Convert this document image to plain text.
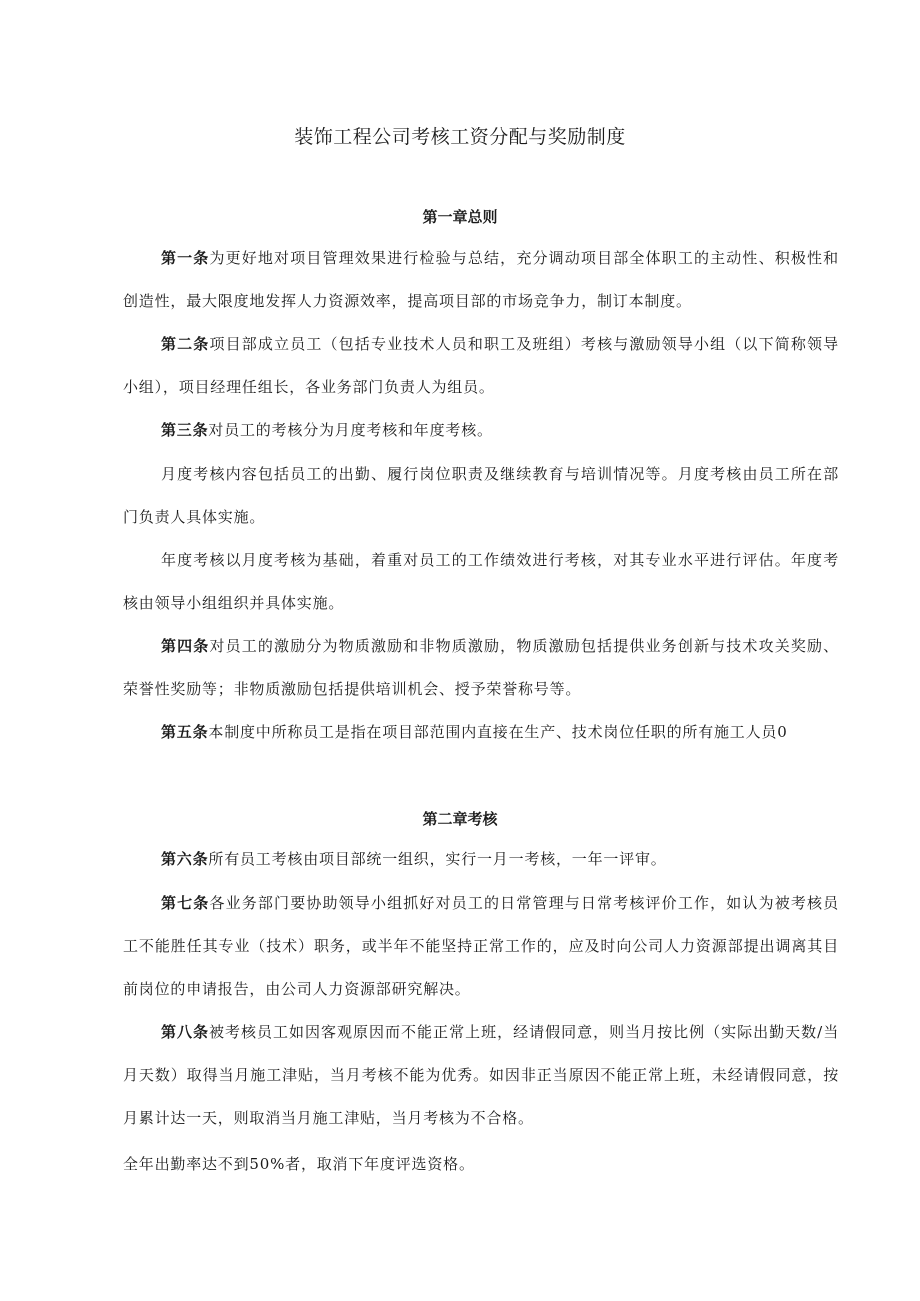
装饰工程公司考核工资分配与奖励制度
第一章总则
第一条为更好地对项目管理效果进行检验与总结，充分调动项目部全体职工的主动性、积极性和创造性，最大限度地发挥人力资源效率，提高项目部的市场竞争力，制订本制度。
第二条项目部成立员工（包括专业技术人员和职工及班组）考核与激励领导小组（以下简称领导小组），项目经理任组长，各业务部门负责人为组员。
第三条对员工的考核分为月度考核和年度考核。
月度考核内容包括员工的出勤、履行岗位职责及继续教育与培训情况等。月度考核由员工所在部门负责人具体实施。
年度考核以月度考核为基础，着重对员工的工作绩效进行考核，对其专业水平进行评估。年度考核由领导小组组织并具体实施。
第四条对员工的激励分为物质激励和非物质激励，物质激励包括提供业务创新与技术攻关奖励、荣誉性奖励等；非物质激励包括提供培训机会、授予荣誉称号等。
第五条本制度中所称员工是指在项目部范围内直接在生产、技术岗位任职的所有施工人员0
第二章考核
第六条所有员工考核由项目部统一组织，实行一月一考核，一年一评审。
第七条各业务部门要协助领导小组抓好对员工的日常管理与日常考核评价工作，如认为被考核员工不能胜任其专业（技术）职务，或半年不能坚持正常工作的，应及时向公司人力资源部提出调离其目前岗位的申请报告，由公司人力资源部研究解决。
第八条被考核员工如因客观原因而不能正常上班，经请假同意，则当月按比例（实际出勤天数/当月天数）取得当月施工津贴，当月考核不能为优秀。如因非正当原因不能正常上班，未经请假同意，按月累计达一天，则取消当月施工津贴，当月考核为不合格。
全年出勤率达不到50%者，取消下年度评选资格。
